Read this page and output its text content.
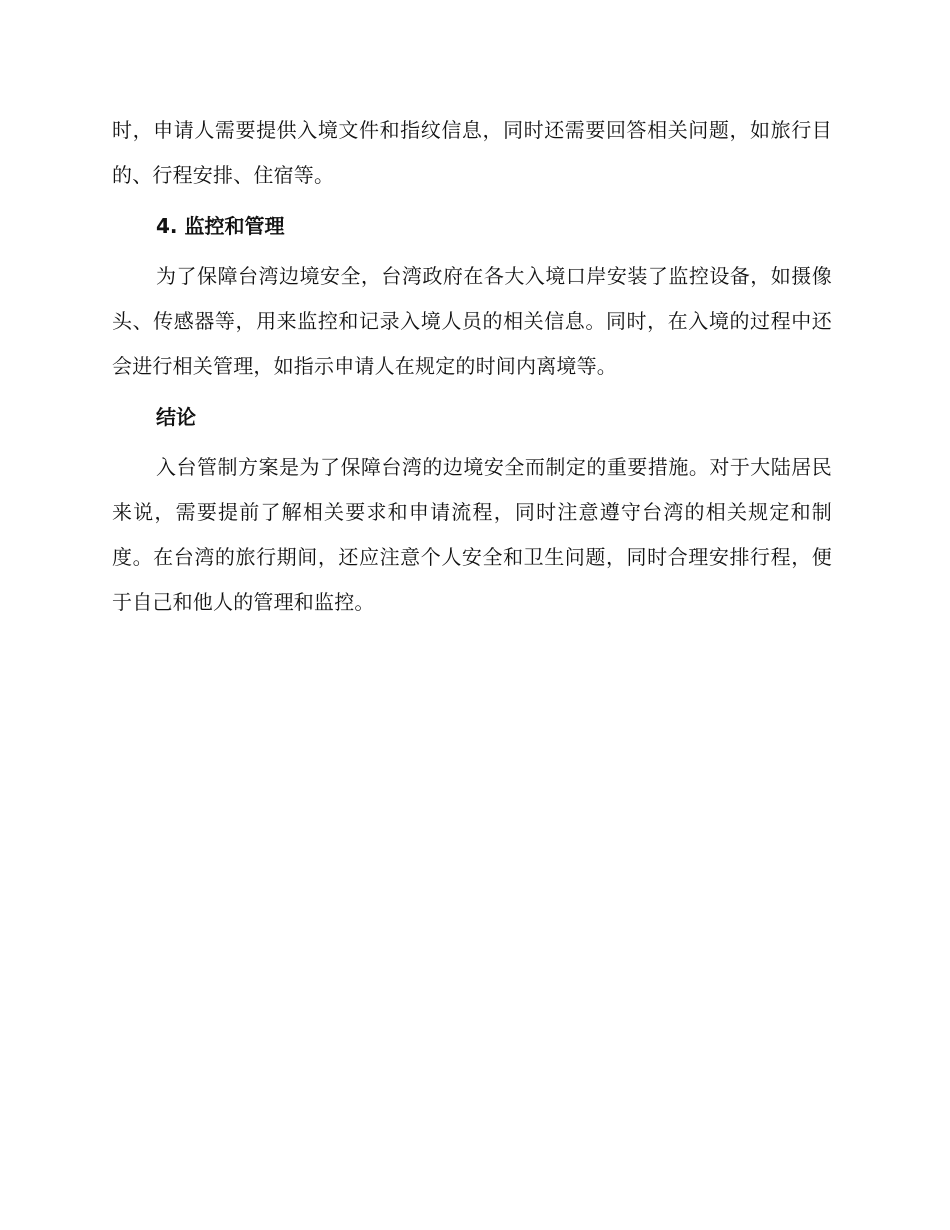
时，申请人需要提供入境文件和指纹信息，同时还需要回答相关问题，如旅行目的、行程安排、住宿等。

4. 监控和管理

为了保障台湾边境安全，台湾政府在各大入境口岸安装了监控设备，如摄像头、传感器等，用来监控和记录入境人员的相关信息。同时，在入境的过程中还会进行相关管理，如指示申请人在规定的时间内离境等。

结论

入台管制方案是为了保障台湾的边境安全而制定的重要措施。对于大陆居民来说，需要提前了解相关要求和申请流程，同时注意遵守台湾的相关规定和制度。在台湾的旅行期间，还应注意个人安全和卫生问题，同时合理安排行程，便于自己和他人的管理和监控。
